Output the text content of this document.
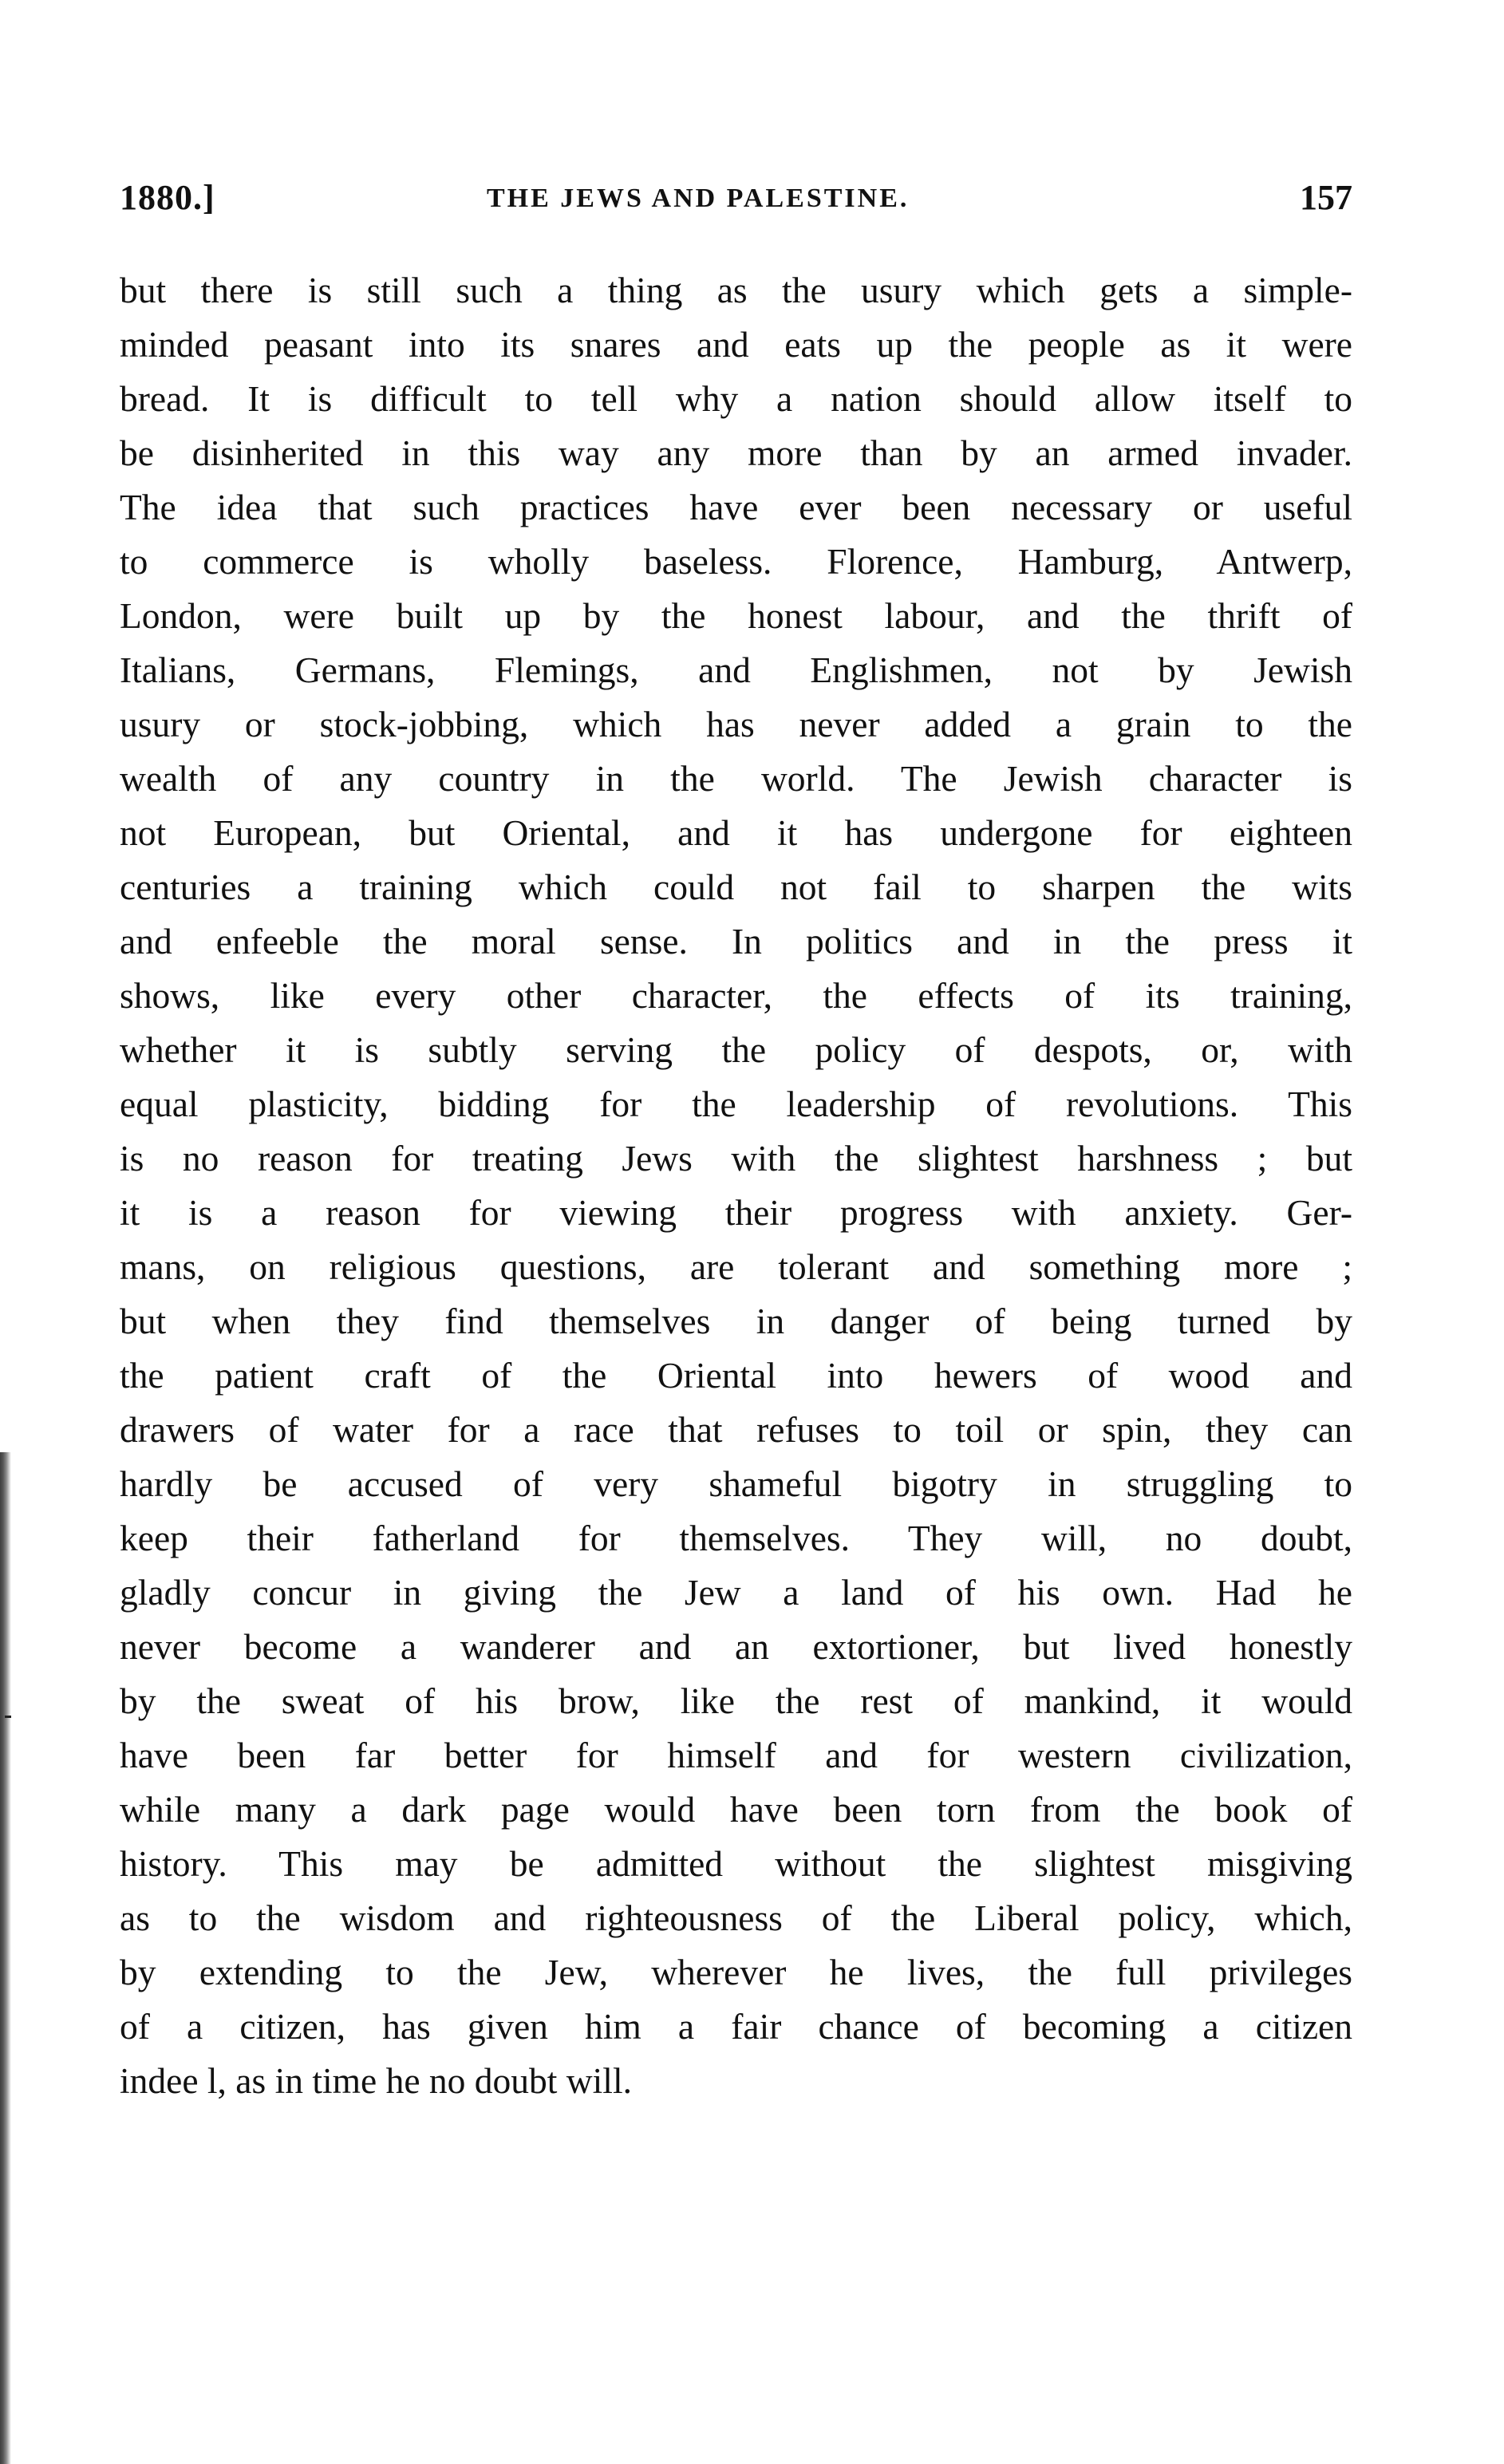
1880.]	THE JEWS AND PALESTINE.	157
but there is still such a thing as the usury which gets a simple-
minded peasant into its snares and eats up the people as it were
bread. It is difficult to tell why a nation should allow itself to
be disinherited in this way any more than by an armed invader.
The idea that such practices have ever been necessary or useful
to commerce is wholly baseless. Florence, Hamburg, Antwerp,
London, were built up by the honest labour, and the thrift of
Italians, Germans, Flemings, and Englishmen, not by Jewish
usury or stock-jobbing, which has never added a grain to the
wealth of any country in the world. The Jewish character is
not European, but Oriental, and it has undergone for eighteen
centuries a training which could not fail to sharpen the wits
and enfeeble the moral sense. In politics and in the press it
shows, like every other character, the effects of its training,
whether it is subtly serving the policy of despots, or, with
equal plasticity, bidding for the leadership of revolutions. This
is no reason for treating Jews with the slightest harshness ; but
it is a reason for viewing their progress with anxiety. Ger-
mans, on religious questions, are tolerant and something more ;
but when they find themselves in danger of being turned by
the patient craft of the Oriental into hewers of wood and
drawers of water for a race that refuses to toil or spin, they can
hardly be accused of very shameful bigotry in struggling to
keep their fatherland for themselves. They will, no doubt,
gladly concur in giving the Jew a land of his own. Had he
never become a wanderer and an extortioner, but lived honestly
by the sweat of his brow, like the rest of mankind, it would
have been far better for himself and for western civilization,
while many a dark page would have been torn from the book of
history. This may be admitted without the slightest misgiving
as to the wisdom and righteousness of the Liberal policy, which,
by extending to the Jew, wherever he lives, the full privileges
of a citizen, has given him a fair chance of becoming a citizen
indee l, as in time he no doubt will.
